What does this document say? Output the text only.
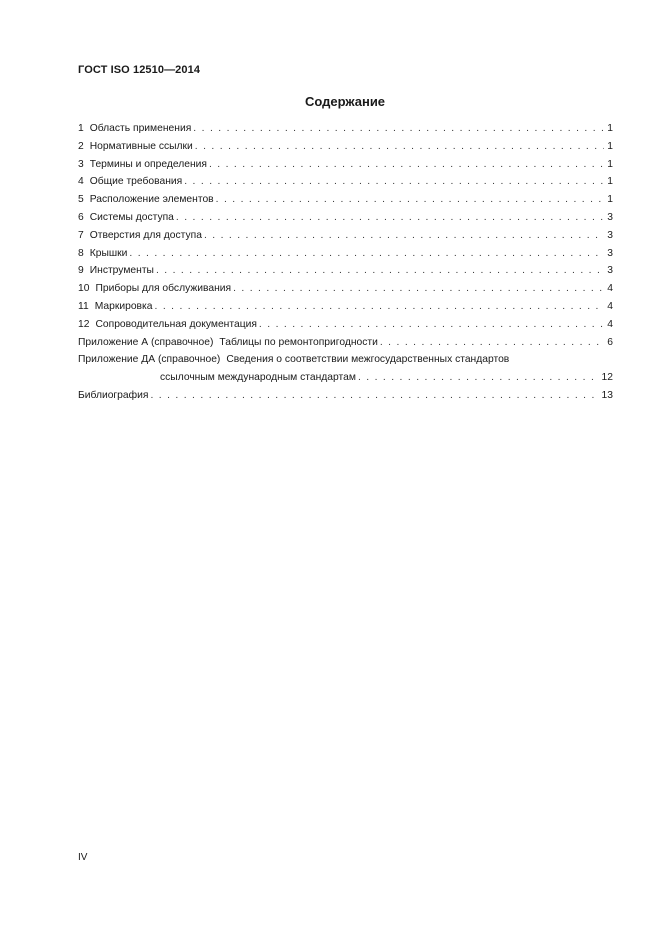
ГОСТ ISO 12510—2014
Содержание
1 Область применения . . .	1
2 Нормативные ссылки . . .	1
3 Термины и определения . . .	1
4 Общие требования . . .	1
5 Расположение элементов . . .	1
6 Системы доступа . . .	3
7 Отверстия для доступа . . .	3
8 Крышки . . .	3
9 Инструменты . . .	3
10 Приборы для обслуживания . . .	4
11 Маркировка . . .	4
12 Сопроводительная документация . . .	4
Приложение А (справочное) Таблицы по ремонтопригодности . . .	6
Приложение ДА (справочное) Сведения о соответствии межгосударственных стандартов
ссылочным международным стандартам . . .	12
Библиография . . .	13
IV
